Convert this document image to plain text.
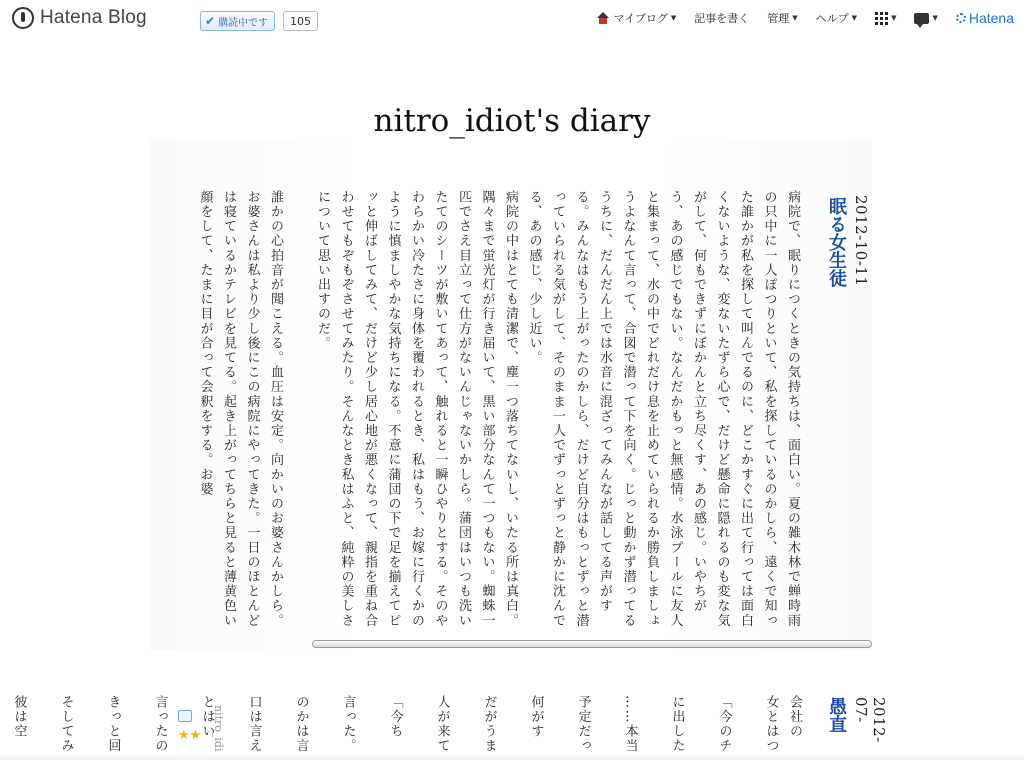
Hatena Blog	✔ 購読中です	105	マイブログ ▼ 記事を書く 管理 ▼ ヘルプ ▼	▼	▼ Hatena
nitro_idiot's diary
2012-10-11
眠る女生徒

病院で、眠りにつくときの気持ちは、面白い。夏の雑木林で蝉時雨の只中に一人ぽつりといて、私を探しているのかしら、遠くで知った誰かが私を探して叫んでるのに、どこかすぐに出て行っては面白くないような、変ないたずら心で、だけど懸命に隠れるのも変な気がして、何もできずにぼかんと立ち尽くす、あの感じ。いやちがう、あの感じでもない。なんだかもっと無感情。水泳プールに友人と集まって、水の中でどれだけ息を止めていられるか勝負しましょうよなんて言って、合図で潜って下を向く。じっと動かず潜ってるうちに、だんだん上では水音に混ざってみんなが話してる声がする。みんなはもう上がったのかしら、だけど自分はもっとずっと潜っていられる気がして、そのまま一人でずっとずっと静かに沈んでる、あの感じ、少し近い。

病院の中はとても清潔で、塵一つ落ちてないし、いたる所は真白。隅々まで蛍光灯が行き届いて、黒い部分なんて一つもない。蜘蛛一匹でさえ目立って仕方がないんじゃないかしら。蒲団はいつも洗いたてのシーツが敷いてあって、触れると一瞬ひやりとする。そのやわらかい冷たさに身体を覆われるとき、私はもう、お嫁に行くかのように慎ましやかな気持ちになる。不意に蒲団の下で足を揃えてピッと伸ばしてみて、だけど少し居心地が悪くなって、親指を重ね合わせてもぞもぞさせてみたり。そんなとき私はふと、純粋の美しさについて思い出すのだ。

誰かの心拍音が聞こえる。血圧は安定。向かいのお婆さんかしら。お婆さんは私より少し後にこの病院にやってきた。一日のほとんどは寝ているかテレビを見てる。起き上がってちらと見ると薄黄色い顔をして、たまに目が合って会釈をする。お婆

2012-07-
愚直

会社の

女とはつ

「今のチ

に出した

……本当

予定だっ

何がす

だがうま

人が来て

「今ち

言った。

のかは言

口は言え

とはい

言ったの

きっと回

そしてみ

彼は空	nitro_idi
★★
